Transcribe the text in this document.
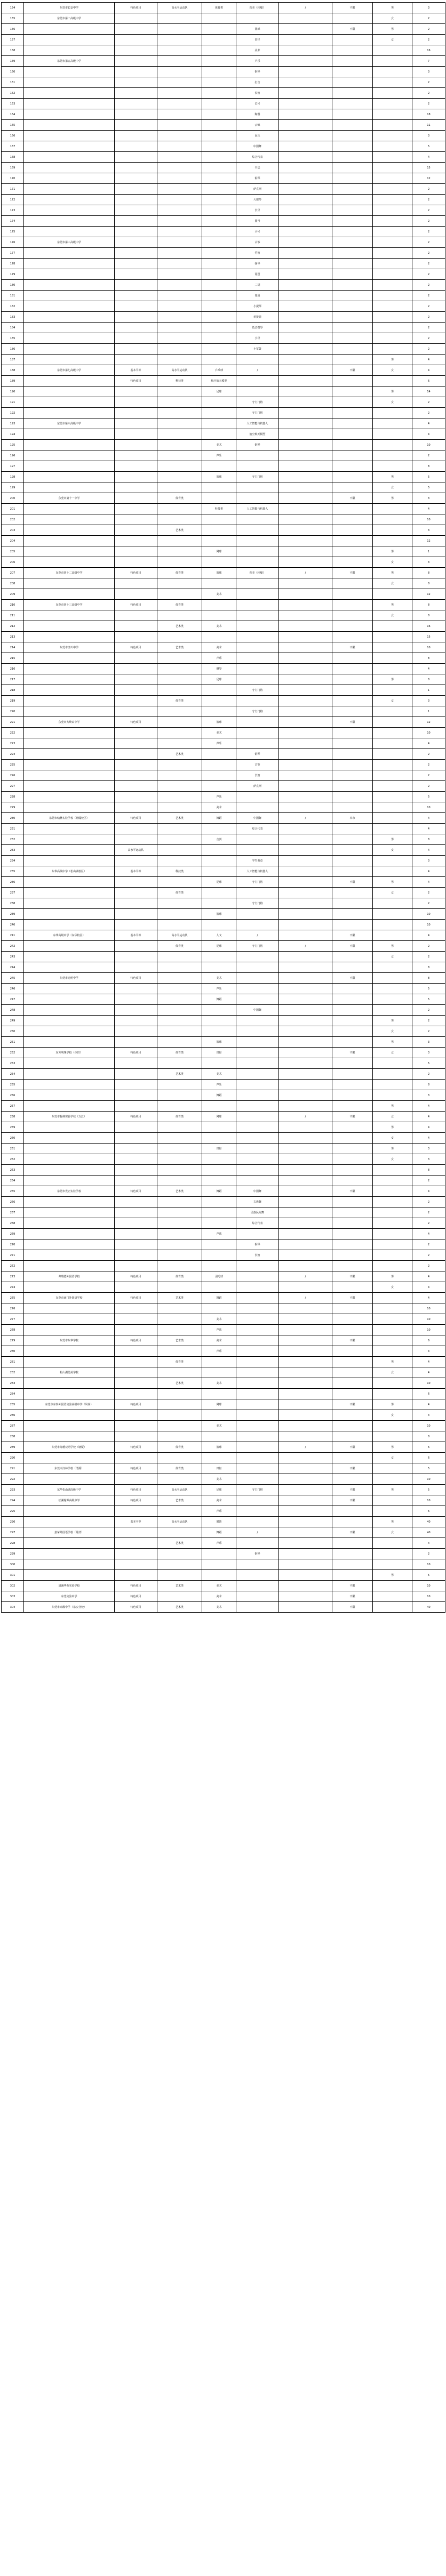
154	东莞市长安中学	特色项目	高水平运动队	体育类	莲美（轮艇）	/	不限	男	3
155	东莞市第二高级中学							女	2
156					篮球		不限	男	2
157					田径			女	2
158					美术				16
159	东莞市第五高级中学				声乐				7
160					钢琴				3
161					打击				2
162					长笛				2
163					长号				2
164					陶器				18
165					云锦				11
166					民乐				3
167					中国舞				5
168					综合代表				4
169					书法				15
170					钢琴				12
171					萨克斯				2
172					大提琴				2
173					长号				2
174					圆号				2
175					小号				2
176	东莞市第三高级中学				古筝				2
177					竹笛				2
178					扬琴				2
179					琵琶				2
180					二胡				2
181					琵琶				2
182					小提琴				2
183					单簧管				2
184					低音提琴				2
185					小号				2
186					小军鼓				2
187								男	4
188	东莞市第七高级中学	基本平等	高水平运动队	乒乓球	/		不限	女	4
189		特色项目	科技类	航空航天模型					6
190				足球				男	14
191					守门门将			女	2
192					守门门将				2
193	东莞市第八高级中学				人工智能与机器人				4
194					航空航天模型				4
195				美术	钢琴				10
196				声乐					2
197									8
198				篮球	守门门将			男	5
199								女	5
200	东莞市第十一中学		体育类				不限	男	3
201				科技类	人工智能与机器人				4
202									10
203			艺术类						3
204									12
205				网球				男	1
206								女	3
207	东莞市第十二高级中学	特色项目	体育类	篮球	莲美（轮艇）	/	不限	男	8
208								女	8
209				美术					12
210	东莞市第十三高级中学	特色项目	体育类					男	8
211								女	8
212			艺术类	美术					16
213									15
214	东莞市济川中学	特色项目	艺术类	美术			不限		10
215				声乐					8
216				钢琴					4
217				足球				男	8
218					守门门将				1
219			体育类					女	3
220					守门门将				1
221	东莞市大岭山中学	特色项目		篮球			不限		12
222				美术					10
223				声乐					4
224			艺术类		钢琴				2
225					古筝				2
226					长笛				2
227					萨克斯				2
228				声乐					5
229				美术					10
230	东莞市翰林实验学校（塘厦校区）	特色项目	艺术类	舞蹈	中国舞	/	本市		4
231					综合代表				4
232				击剑				男	8
233		高水平运动队						女	4
234					学生电竞				3
235	东华高级中学（松山湖校区）	基本平等	科技类		人工智能与机器人				4
236				足球	守门门将		不限	男	4
237			体育类					女	2
238					守门门将				2
239				篮球					10
240									10
241	东华高级中学（东华校区）	基本平等	高水平运动队	人文	/		不限		4
242			体育类	足球	守门门将	/	不限	男	2
243								女	2
244									8
245	东莞市光明中学	特色项目		美术			不限		8
246				声乐					5
247				舞蹈					5
248					中国舞				2
249								男	2
250								女	2
251				篮球				男	3
252	东方明珠学校（沙田）	特色项目	体育类	田径			不限	女	3
253									5
254			艺术类	美术					2
255				声乐					8
256				舞蹈					3
257								男	4
258	东莞市翰林实验学校（万江）	特色项目	体育类	网球		/	不限	女	4
259								男	4
260								女	4
261				田径				男	3
262								女	3
263									8
264									2
265	东莞市光正实验学校	特色项目	艺术类	舞蹈	中国舞		不限		4
266					古典舞				2
267					民族民间舞				2
268					综合代表				2
269				声乐					4
270					钢琴				2
271					长笛				2
272									2
273	弗瑞德外国语学校	特色项目	体育类	羽毛球		/	不限	男	4
274								女	4
275	东莞市南门外国语学校	特色项目	艺术类	舞蹈		/	不限		4
276									10
277				美术					10
278				声乐					10
279	东莞市东华学校	特色项目	艺术类	美术			不限		6
280				声乐					4
281			体育类					男	4
282	松山湖莞美学校							女	4
283			艺术类	美术					10
284									6
285	东莞市东泰外国语实验高级中学（凤岗）	特色项目		网球			不限	男	4
286								女	4
287				美术					10
288									8
289	东莞市海德双语学校（塘厦）	特色项目	体育类	篮球		/	不限	男	6
290								女	6
291	东莞市汉林学校（清溪）	特色项目	体育类	田径			不限		5
292				美术					10
293	东华松山湖高级中学	特色项目	高水平运动队	足球	守门门将		不限	男	5
294	松湖翰源高级中学	特色项目	艺术类	美术			不限		10
295				声乐					6
296		基本平等	高水平运动队	射箭				男	40
297	嘉荣外国语学校（常清）			舞蹈	/		不限	女	40
298			艺术类	声乐					4
299					钢琴				2
300									10
301								男	5
302	清溪华英实验学校	特色项目	艺术类	美术			不限		10
303	东莞实验中学	特色项目		美术			不限		10
304	东莞市高级中学（东实分校）	特色项目	艺术类	美术			不限		40
